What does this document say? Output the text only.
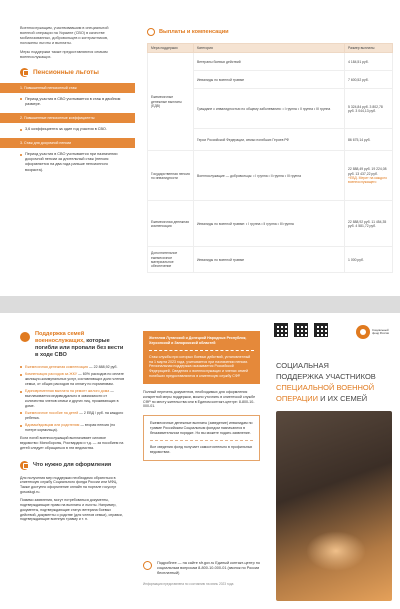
Военнослужащим, участвовавшим в специальной военной операции на Украине (СВО) в качестве мобилизованных, добровольцев и контрактников, положены льготы и выплаты.

Меры поддержки также предоставляются семьям военнослужащих.

Пенсионные льготы
1. Повышенный пенсионный стаж
Период участия в СВО учитывается в стаж в двойном размере.
2. Повышенные пенсионные коэффициенты
3,6 коэффициента за один год участия в СВО.
3. Стаж для досрочной пенсии
Период участия в СВО учитывается при назначении досрочной пенсии за длительный стаж (пенсия оформляется на два года раньше пенсионного возраста).
Выплаты и компенсации
Мера поддержки	Категория	Размер выплаты
Ежемесячные денежные выплаты (ЕДВ)	Ветераны боевых действий	4 184,51 руб.
	Инвалиды по военной травме	7 600,52 руб.
	Граждане с инвалидностью по общему заболеванию: • I группа • II группа • III группа	5 324,84 руб. 3 802,78 руб. 3 044,13 руб.
	Герои Российской Федерации, семьи погибших Героев РФ	86 675,14 руб.
Государственная пенсия по инвалидности	Военнослужащие — добровольцы: • I группа • II группа • III группа	22 888,49 руб. 19 224,08 руб. 13 437,22 руб.
+ЕВД. Мерит на каждого военнослужащего
Ежемесячная денежная компенсация	Инвалиды по военной травме: • I группа • II группа • III группа	22 888,92 руб. 11 454,35 руб. 4 581,72 руб.
Дополнительное ежемесячное материальное обеспечение	Инвалиды по военной травме	1 000 руб.
Поддержка семей военнослужащих, которые погибли или пропали без вести в ходе СВО
Ежемесячная денежная компенсация — 22 888,92 руб.
Компенсация расходов за ЖКУ — 60% расходов по оплате жилищно-коммунальных услуг, составляющих доли членов семьи, от общих расходов на оплату по нормативам.
Единовременная выплата на ремонт жилого дома — выплачивается индивидуально в зависимости от количества членов семьи и других лиц, проживающих в доме.
Ежемесячное пособие на детей — 2 ЕВД / руб. на каждого ребенка.
Вдовам/вдовцам или родителям — вторая пенсия (по потере кормильца).
Если погиб военнослужащий выплачивает силовое ведомство: Минобороны, Росгвардия и т.д. — за пособием на детей следует обращаться в эти ведомства.
Что нужно для оформления
Для получения мер поддержки необходимо обратиться в клиентскую службу Социального фонда России или МФЦ. Также доступно оформление онлайн на портале госуслуг gosuslugi.ru.
Помимо заявления, могут потребоваться документы, подтверждающие право на выплаты и льготы. Например, документы, подтверждающие статус ветерана боевых действий, документы о родстве (для членов семьи), справки, подтверждающие военную травму и т. п.
Жителям Луганской и Донецкой Народных Республик, Херсонской и Запорожской областей
Стаж службы при которых боевых действий, установленный на 1 марта 2023 года, учитывается при назначении пенсии. Региональная поддержка оказывается Российской Федерацией. Сведения о военнослужащих и членах семей погибших предоставляются в клиентскую службу СФР.
Полный перечень документов, необходимых для оформления конкретной меры поддержки, можно уточнить в клиентской службе СФР по месту жительства или в Едином контакт-центре: 8-800-10-000-01.
Ежемесячные денежные выплаты (заведение) инвалидам по травме Российским Социальным фондом назначаются в беззаявительном порядке. Но вы можете подать заявление.
Все сведения фонд получает самостоятельно в профильных ведомствах.
Подробнее — на сайте sfr.gov.ru Единый контакт-центр по социальным вопросам 8-800-10-000-01 (звонок по России бесплатный)
Информация представлена по состоянию на июнь 2023 года
Социальный фонд России
СОЦИАЛЬНАЯ
ПОДДЕРЖКА УЧАСТНИКОВ
СПЕЦИАЛЬНОЙ ВОЕННОЙ
ОПЕРАЦИИ И ИХ СЕМЕЙ
